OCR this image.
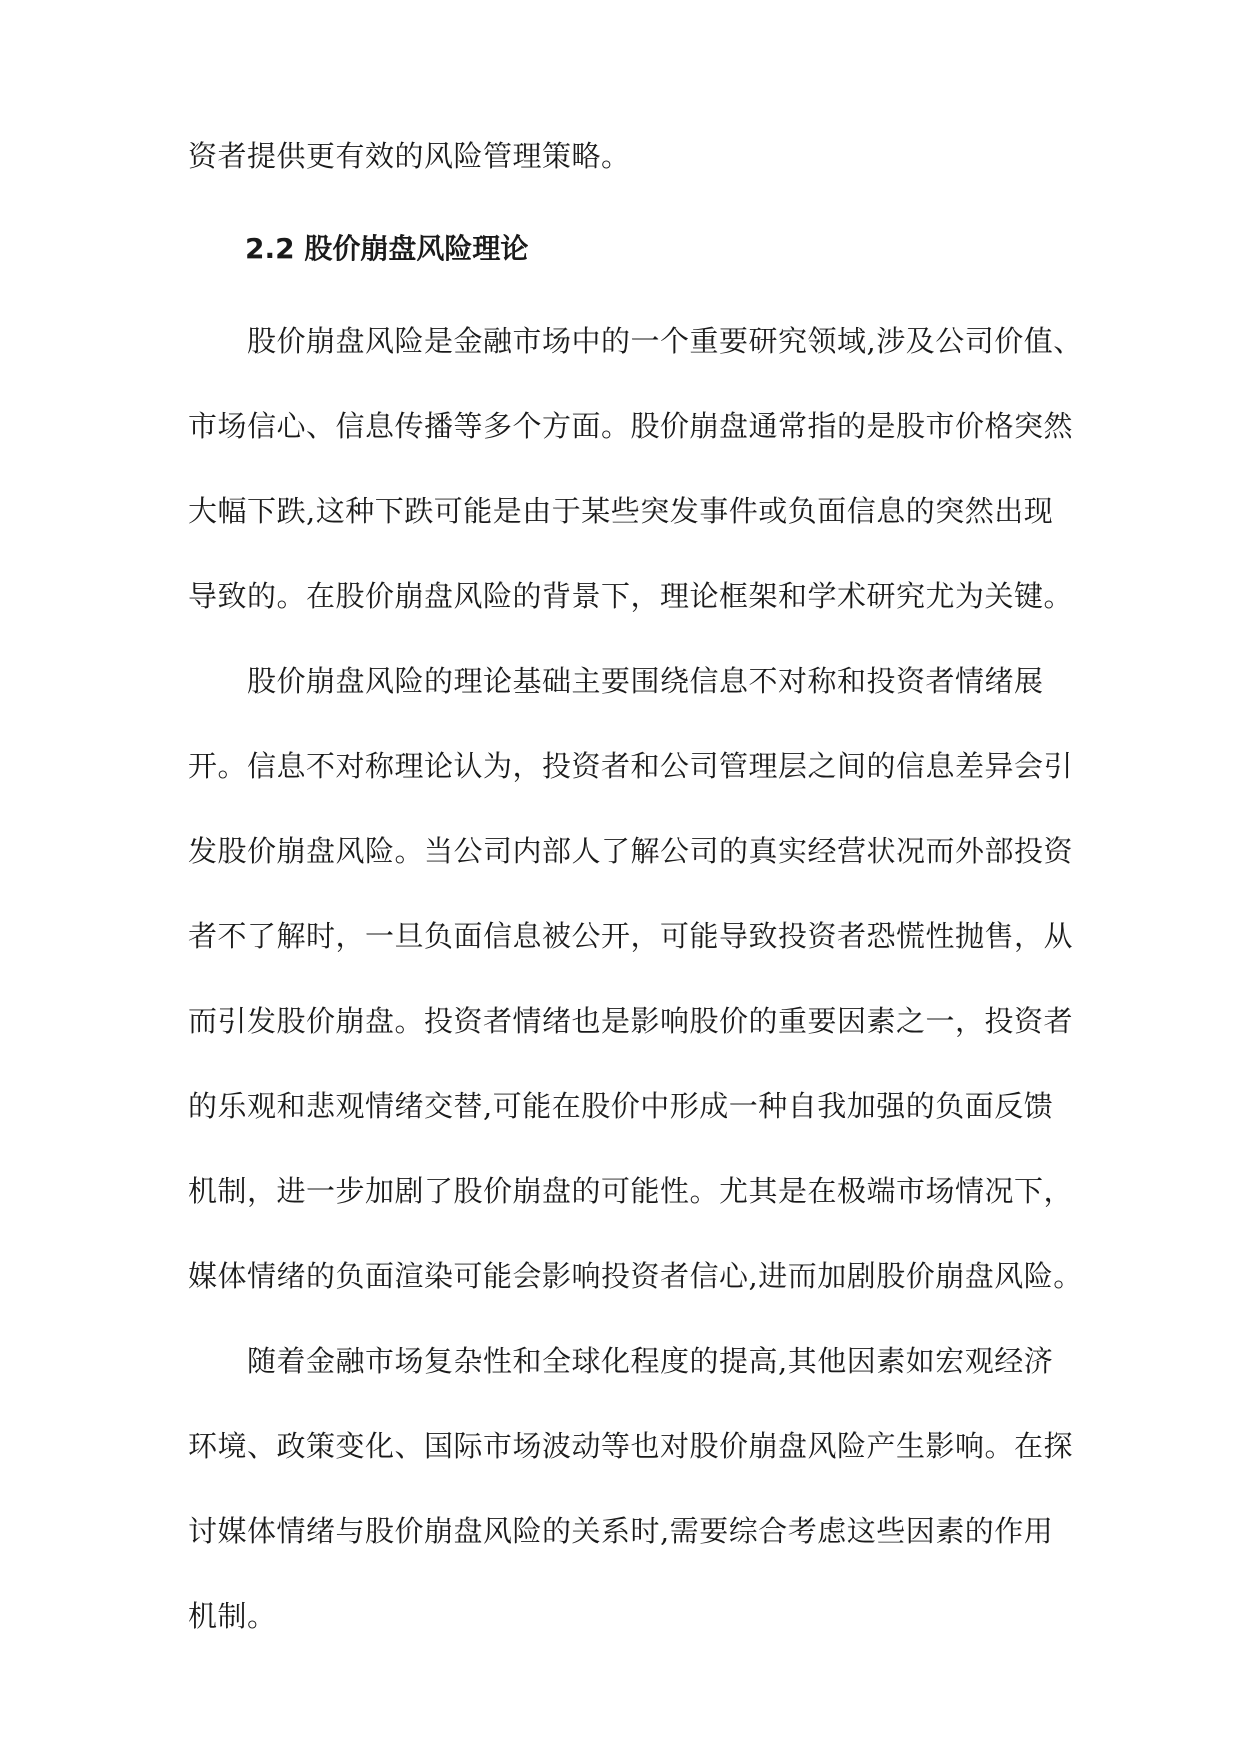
资者提供更有效的风险管理策略。
2.2 股价崩盘风险理论
　　股价崩盘风险是金融市场中的一个重要研究领域,涉及公司价值、
市场信心、信息传播等多个方面。股价崩盘通常指的是股市价格突然
大幅下跌,这种下跌可能是由于某些突发事件或负面信息的突然出现
导致的。在股价崩盘风险的背景下，理论框架和学术研究尤为关键。
　　股价崩盘风险的理论基础主要围绕信息不对称和投资者情绪展
开。信息不对称理论认为，投资者和公司管理层之间的信息差异会引
发股价崩盘风险。当公司内部人了解公司的真实经营状况而外部投资
者不了解时，一旦负面信息被公开，可能导致投资者恐慌性抛售，从
而引发股价崩盘。投资者情绪也是影响股价的重要因素之一，投资者
的乐观和悲观情绪交替,可能在股价中形成一种自我加强的负面反馈
机制，进一步加剧了股价崩盘的可能性。尤其是在极端市场情况下，
媒体情绪的负面渲染可能会影响投资者信心,进而加剧股价崩盘风险。
　　随着金融市场复杂性和全球化程度的提高,其他因素如宏观经济
环境、政策变化、国际市场波动等也对股价崩盘风险产生影响。在探
讨媒体情绪与股价崩盘风险的关系时,需要综合考虑这些因素的作用
机制。
